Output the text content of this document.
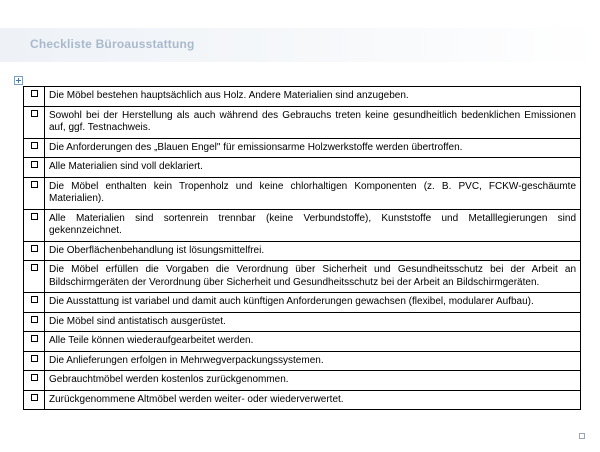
Checkliste Büroausstattung
	Die Möbel bestehen hauptsächlich aus Holz. Andere Materialien sind anzugeben.
	Sowohl bei der Herstellung als auch während des Gebrauchs treten keine gesundheitlich bedenklichen Emissionen auf, ggf. Testnachweis.
	Die Anforderungen des „Blauen Engel" für emissionsarme Holzwerkstoffe werden übertroffen.
	Alle Materialien sind voll deklariert.
	Die Möbel enthalten kein Tropenholz und keine chlorhaltigen Komponenten (z. B. PVC, FCKW-geschäumte Materialien).
	Alle Materialien sind sortenrein trennbar (keine Verbundstoffe), Kunststoffe und Metalllegierungen sind gekennzeichnet.
	Die Oberflächenbehandlung ist lösungsmittelfrei.
	Die Möbel erfüllen die Vorgaben die Verordnung über Sicherheit und Gesundheitsschutz bei der Arbeit an Bildschirmgeräten der Verordnung über Sicherheit und Gesundheitsschutz bei der Arbeit an Bildschirmgeräten.
	Die Ausstattung ist variabel und damit auch künftigen Anforderungen gewachsen (flexibel, modularer Aufbau).
	Die Möbel sind antistatisch ausgerüstet.
	Alle Teile können wiederaufgearbeitet werden.
	Die Anlieferungen erfolgen in Mehrwegverpackungssystemen.
	Gebrauchtmöbel werden kostenlos zurückgenommen.
	Zurückgenommene Altmöbel werden weiter- oder wiederverwertet.
